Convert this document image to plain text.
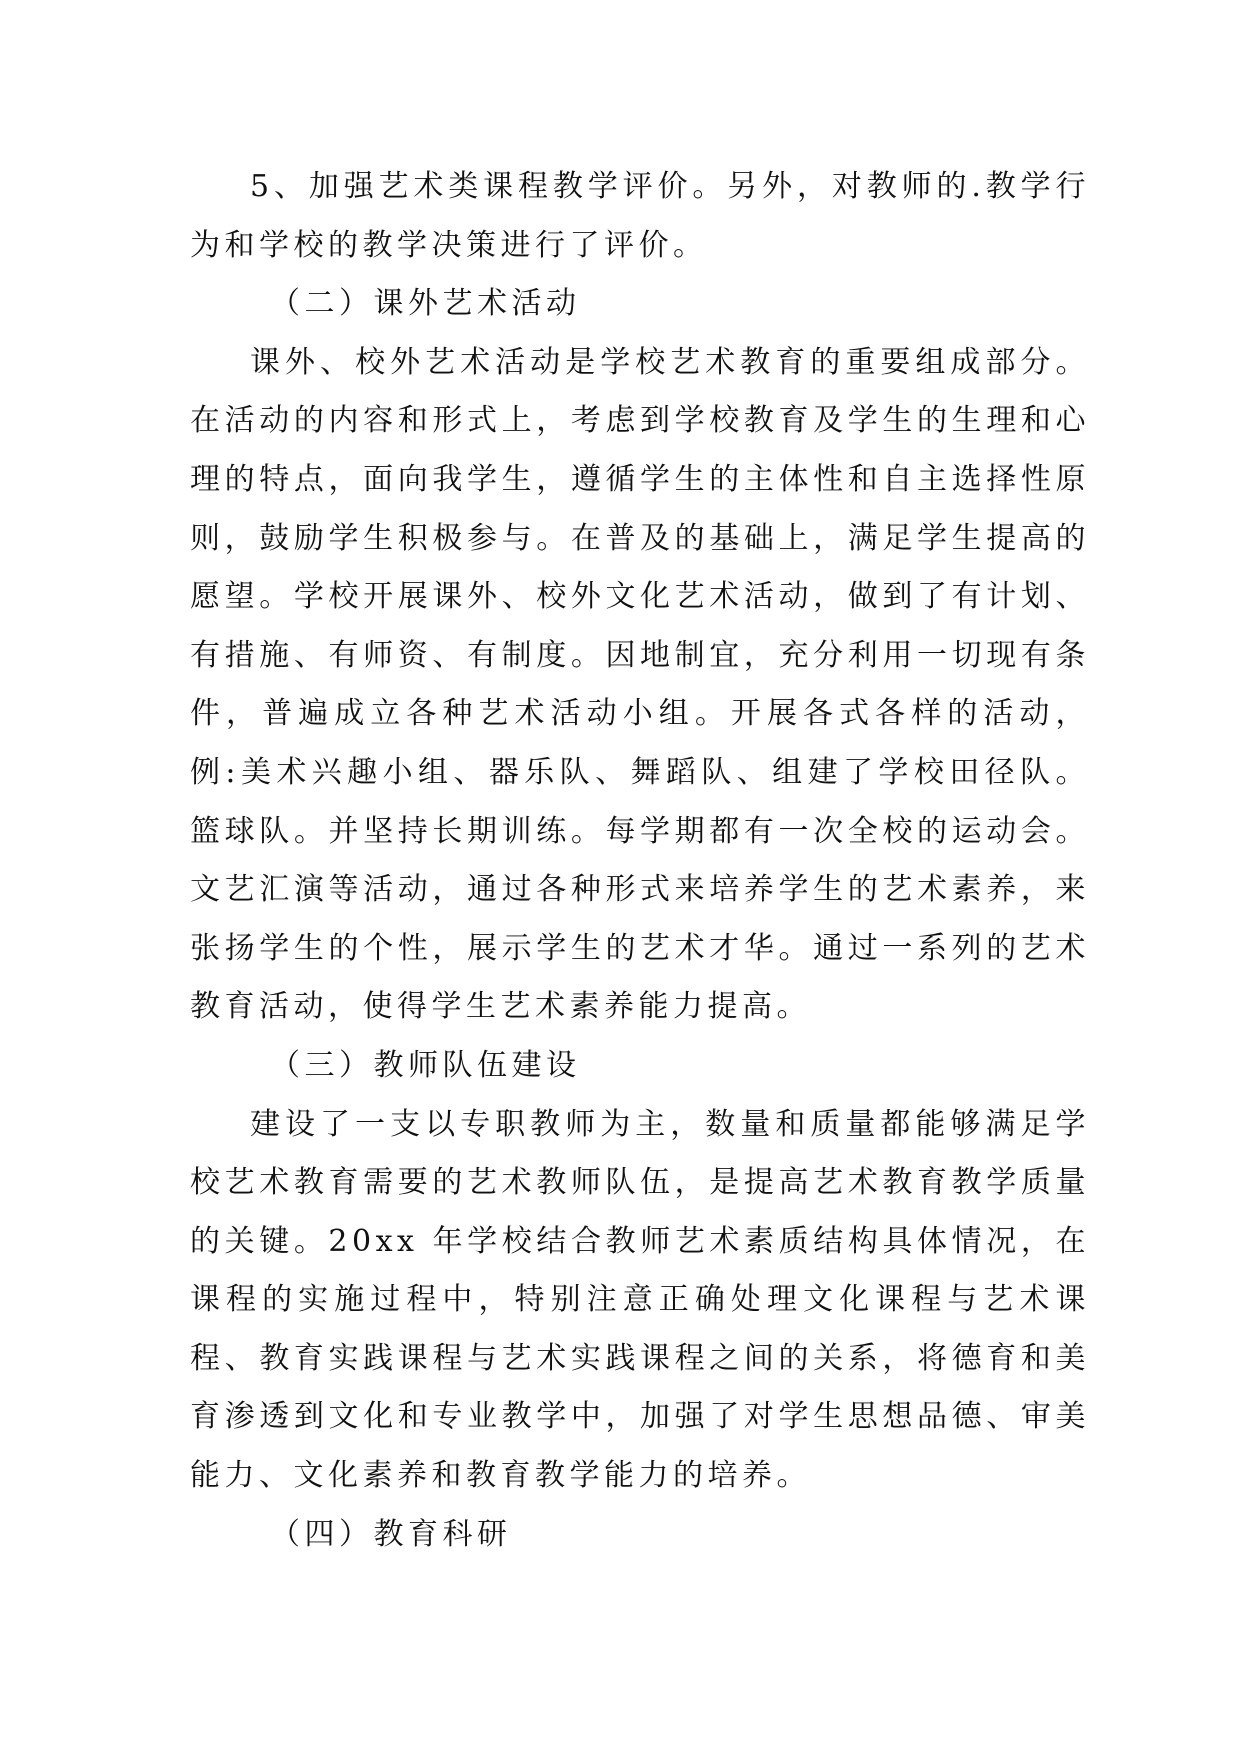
5、加强艺术类课程教学评价。另外，对教师的.教学行为和学校的教学决策进行了评价。

（二）课外艺术活动

课外、校外艺术活动是学校艺术教育的重要组成部分。在活动的内容和形式上，考虑到学校教育及学生的生理和心理的特点，面向我学生，遵循学生的主体性和自主选择性原则，鼓励学生积极参与。在普及的基础上，满足学生提高的愿望。学校开展课外、校外文化艺术活动，做到了有计划、有措施、有师资、有制度。因地制宜，充分利用一切现有条件，普遍成立各种艺术活动小组。开展各式各样的活动，例:美术兴趣小组、器乐队、舞蹈队、组建了学校田径队。篮球队。并坚持长期训练。每学期都有一次全校的运动会。文艺汇演等活动，通过各种形式来培养学生的艺术素养，来张扬学生的个性，展示学生的艺术才华。通过一系列的艺术教育活动，使得学生艺术素养能力提高。

（三）教师队伍建设

建设了一支以专职教师为主，数量和质量都能够满足学校艺术教育需要的艺术教师队伍，是提高艺术教育教学质量的关键。20xx 年学校结合教师艺术素质结构具体情况，在课程的实施过程中，特别注意正确处理文化课程与艺术课程、教育实践课程与艺术实践课程之间的关系，将德育和美育渗透到文化和专业教学中，加强了对学生思想品德、审美能力、文化素养和教育教学能力的培养。

（四）教育科研
